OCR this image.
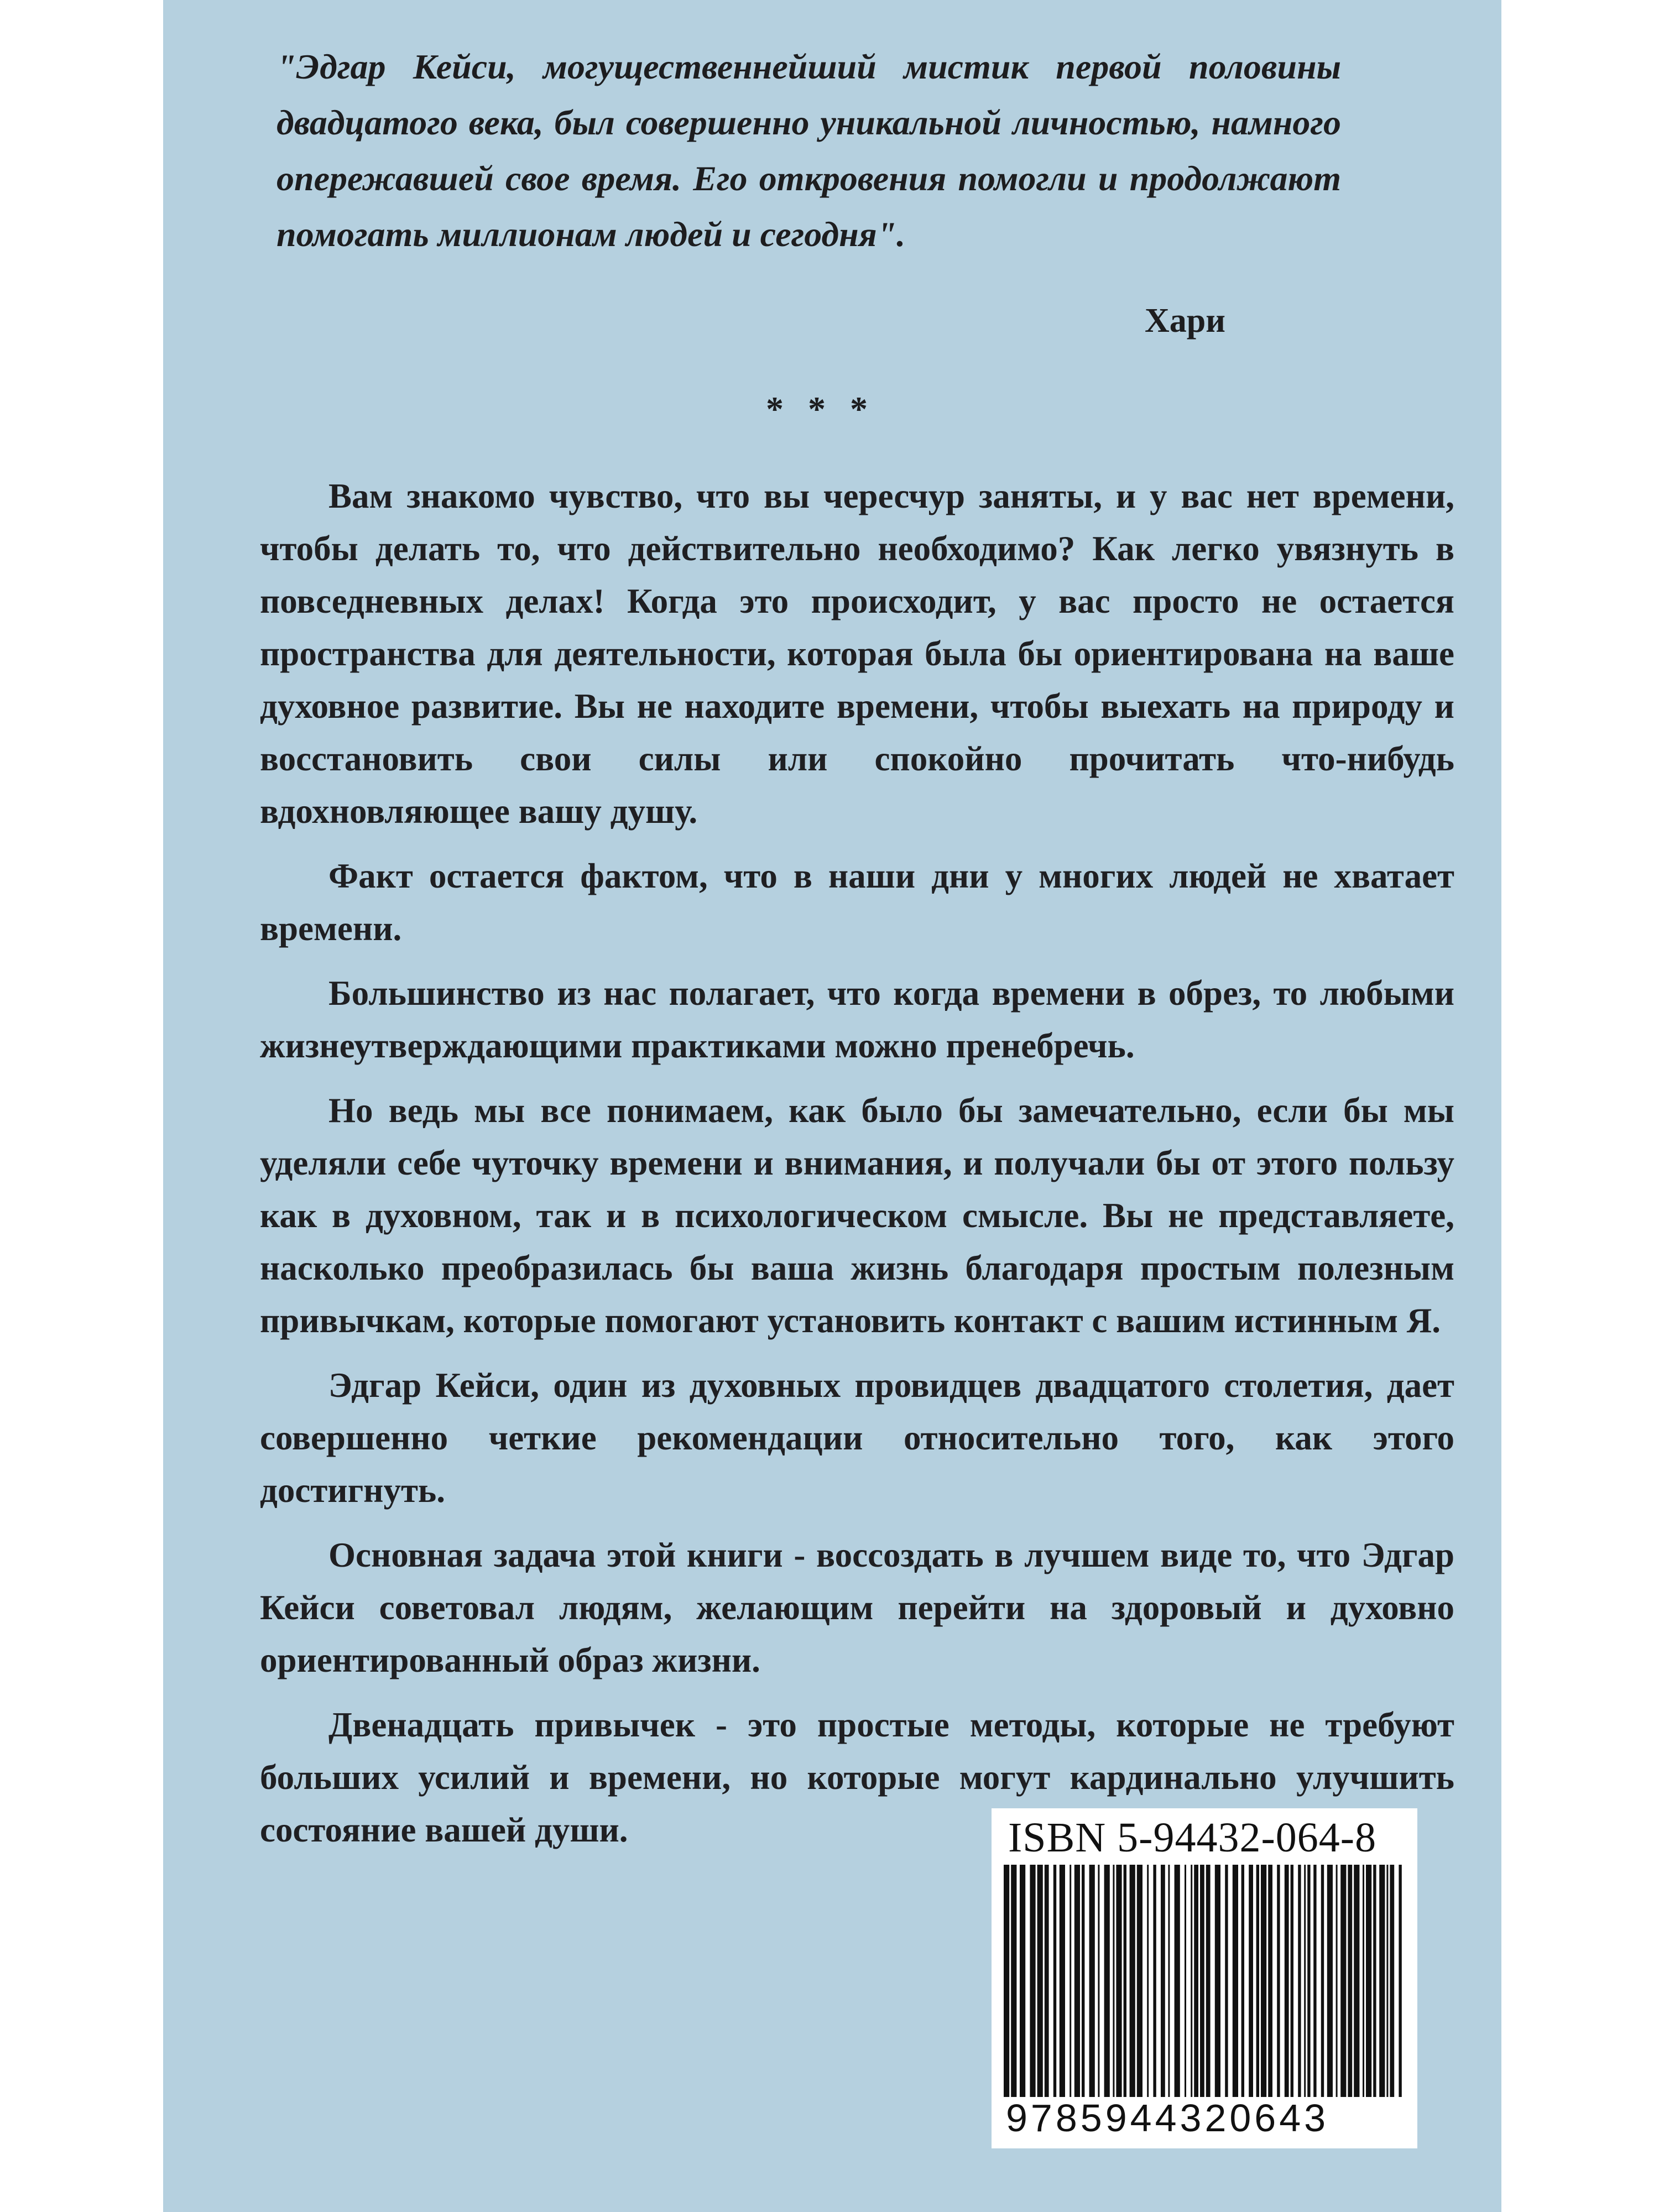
"Эдгар Кейси, могущественнейший мистик первой половины двадцатого века, был совершенно уникальной личностью, намного опережавшей свое время. Его откровения помогли и продолжают помогать миллионам людей и сегодня".

Хари

* * *

Вам знакомо чувство, что вы чересчур заняты, и у вас нет времени, чтобы делать то, что действительно необходимо? Как легко увязнуть в повседневных делах! Когда это происходит, у вас просто не остается пространства для деятельности, которая была бы ориентирована на ваше духовное развитие. Вы не находите времени, чтобы выехать на природу и восстановить свои силы или спокойно прочитать что-нибудь вдохновляющее вашу душу.

Факт остается фактом, что в наши дни у многих людей не хватает времени.

Большинство из нас полагает, что когда времени в обрез, то любыми жизнеутверждающими практиками можно пренебречь.

Но ведь мы все понимаем, как было бы замечательно, если бы мы уделяли себе чуточку времени и внимания, и получали бы от этого пользу как в духовном, так и в психологическом смысле. Вы не представляете, насколько преобразилась бы ваша жизнь благодаря простым полезным привычкам, которые помогают установить контакт с вашим истинным Я.

Эдгар Кейси, один из духовных провидцев двадцатого столетия, дает совершенно четкие рекомендации относительно того, как этого достигнуть.

Основная задача этой книги - воссоздать в лучшем виде то, что Эдгар Кейси советовал людям, желающим перейти на здоровый и духовно ориентированный образ жизни.

Двенадцать привычек - это простые методы, которые не требуют больших усилий и времени, но которые могут кардинально улучшить состояние вашей души.	ISBN 5-94432-064-8
9785944320643
